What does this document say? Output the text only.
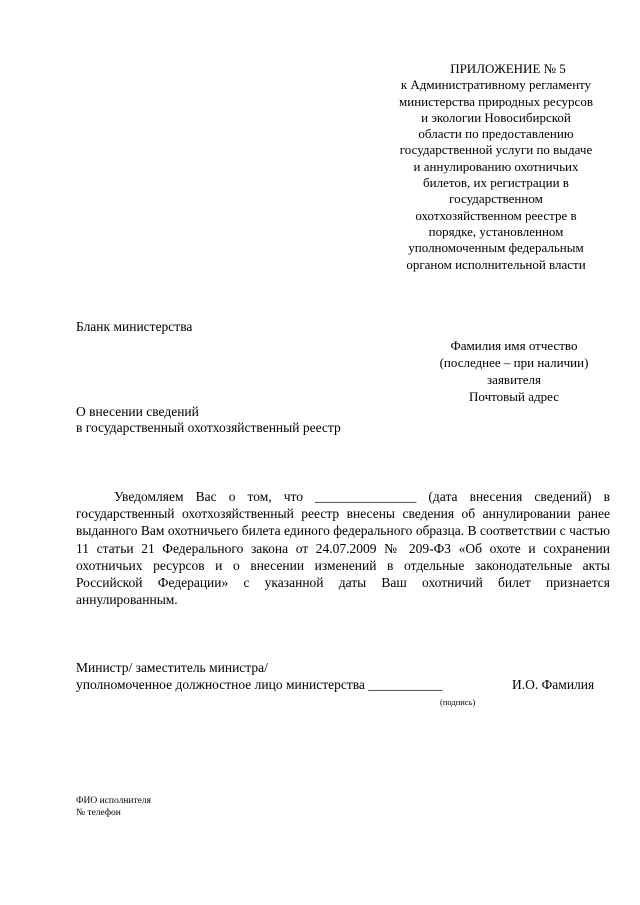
ПРИЛОЖЕНИЕ № 5
к Административному регламенту
министерства природных ресурсов
и экологии Новосибирской
области по предоставлению
государственной услуги по выдаче
и аннулированию охотничьих
билетов, их регистрации в
государственном
охотхозяйственном реестре в
порядке, установленном
уполномоченным федеральным
органом исполнительной власти
Бланк министерства
Фамилия имя отчество
(последнее – при наличии)
заявителя
Почтовый адрес
О внесении сведений
в государственный охотхозяйственный реестр
Уведомляем Вас о том, что _______________ (дата внесения сведений) в государственный охотхозяйственный реестр внесены сведения об аннулировании ранее выданного Вам охотничьего билета единого федерального образца. В соответствии с частью 11 статьи 21 Федерального закона от 24.07.2009 № 209-ФЗ «Об охоте и сохранении охотничьих ресурсов и о внесении изменений в отдельные законодательные акты Российской Федерации» с указанной даты Ваш охотничий билет признается аннулированным.
Министр/ заместитель министра/
уполномоченное должностное лицо министерства ___________	И.О. Фамилия
(подпись)
ФИО исполнителя
№ телефон
